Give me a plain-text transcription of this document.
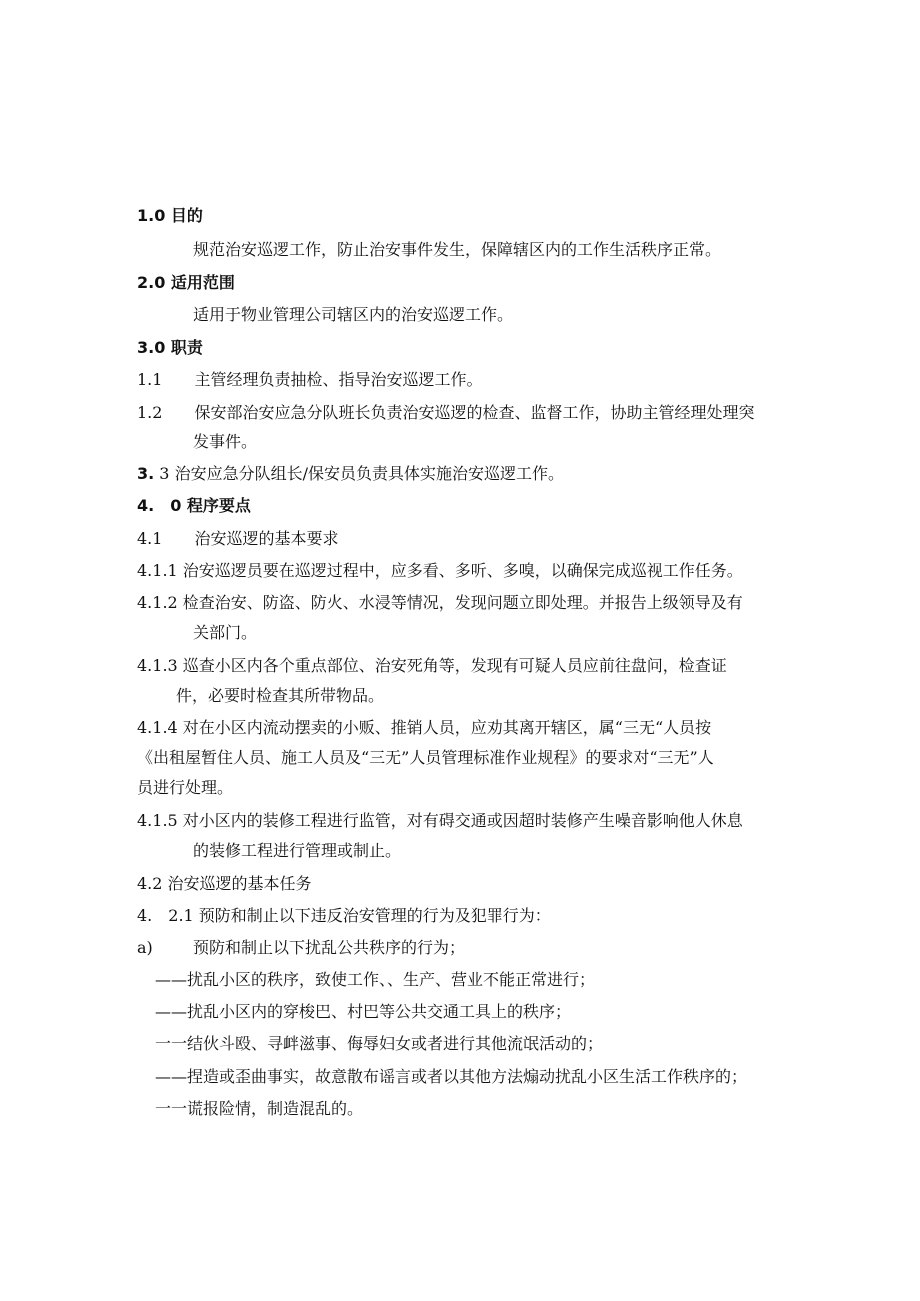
1.0 目的
规范治安巡逻工作，防止治安事件发生，保障辖区内的工作生活秩序正常。
2.0 适用范围
适用于物业管理公司辖区内的治安巡逻工作。
3.0 职责
1.1　　主管经理负责抽检、指导治安巡逻工作。
1.2　　保安部治安应急分队班长负责治安巡逻的检查、监督工作，协助主管经理处理突
发事件。
3. 3 治安应急分队组长/保安员负责具体实施治安巡逻工作。
4.　0 程序要点
4.1　　治安巡逻的基本要求
4.1.1 治安巡逻员要在巡逻过程中，应多看、多听、多嗅，以确保完成巡视工作任务。
4.1.2 检查治安、防盗、防火、水浸等情况，发现问题立即处理。并报告上级领导及有
关部门。
4.1.3 巡查小区内各个重点部位、治安死角等，发现有可疑人员应前往盘问，检查证
件，必要时检查其所带物品。
4.1.4 对在小区内流动摆卖的小贩、推销人员，应劝其离开辖区，属“三无“人员按
《出租屋暂住人员、施工人员及“三无”人员管理标准作业规程》的要求对“三无”人
员进行处理。
4.1.5 对小区内的装修工程进行监管，对有碍交通或因超时装修产生噪音影响他人休息
的装修工程进行管理或制止。
4.2 治安巡逻的基本任务
4.　2.1 预防和制止以下违反治安管理的行为及犯罪行为：
a)	预防和制止以下扰乱公共秩序的行为；
——扰乱小区的秩序，致使工作、、生产、营业不能正常进行；
——扰乱小区内的穿梭巴、村巴等公共交通工具上的秩序；
一一结伙斗殴、寻衅滋事、侮辱妇女或者进行其他流氓活动的；
——捏造或歪曲事实，故意散布谣言或者以其他方法煽动扰乱小区生活工作秩序的；
一一谎报险情，制造混乱的。
